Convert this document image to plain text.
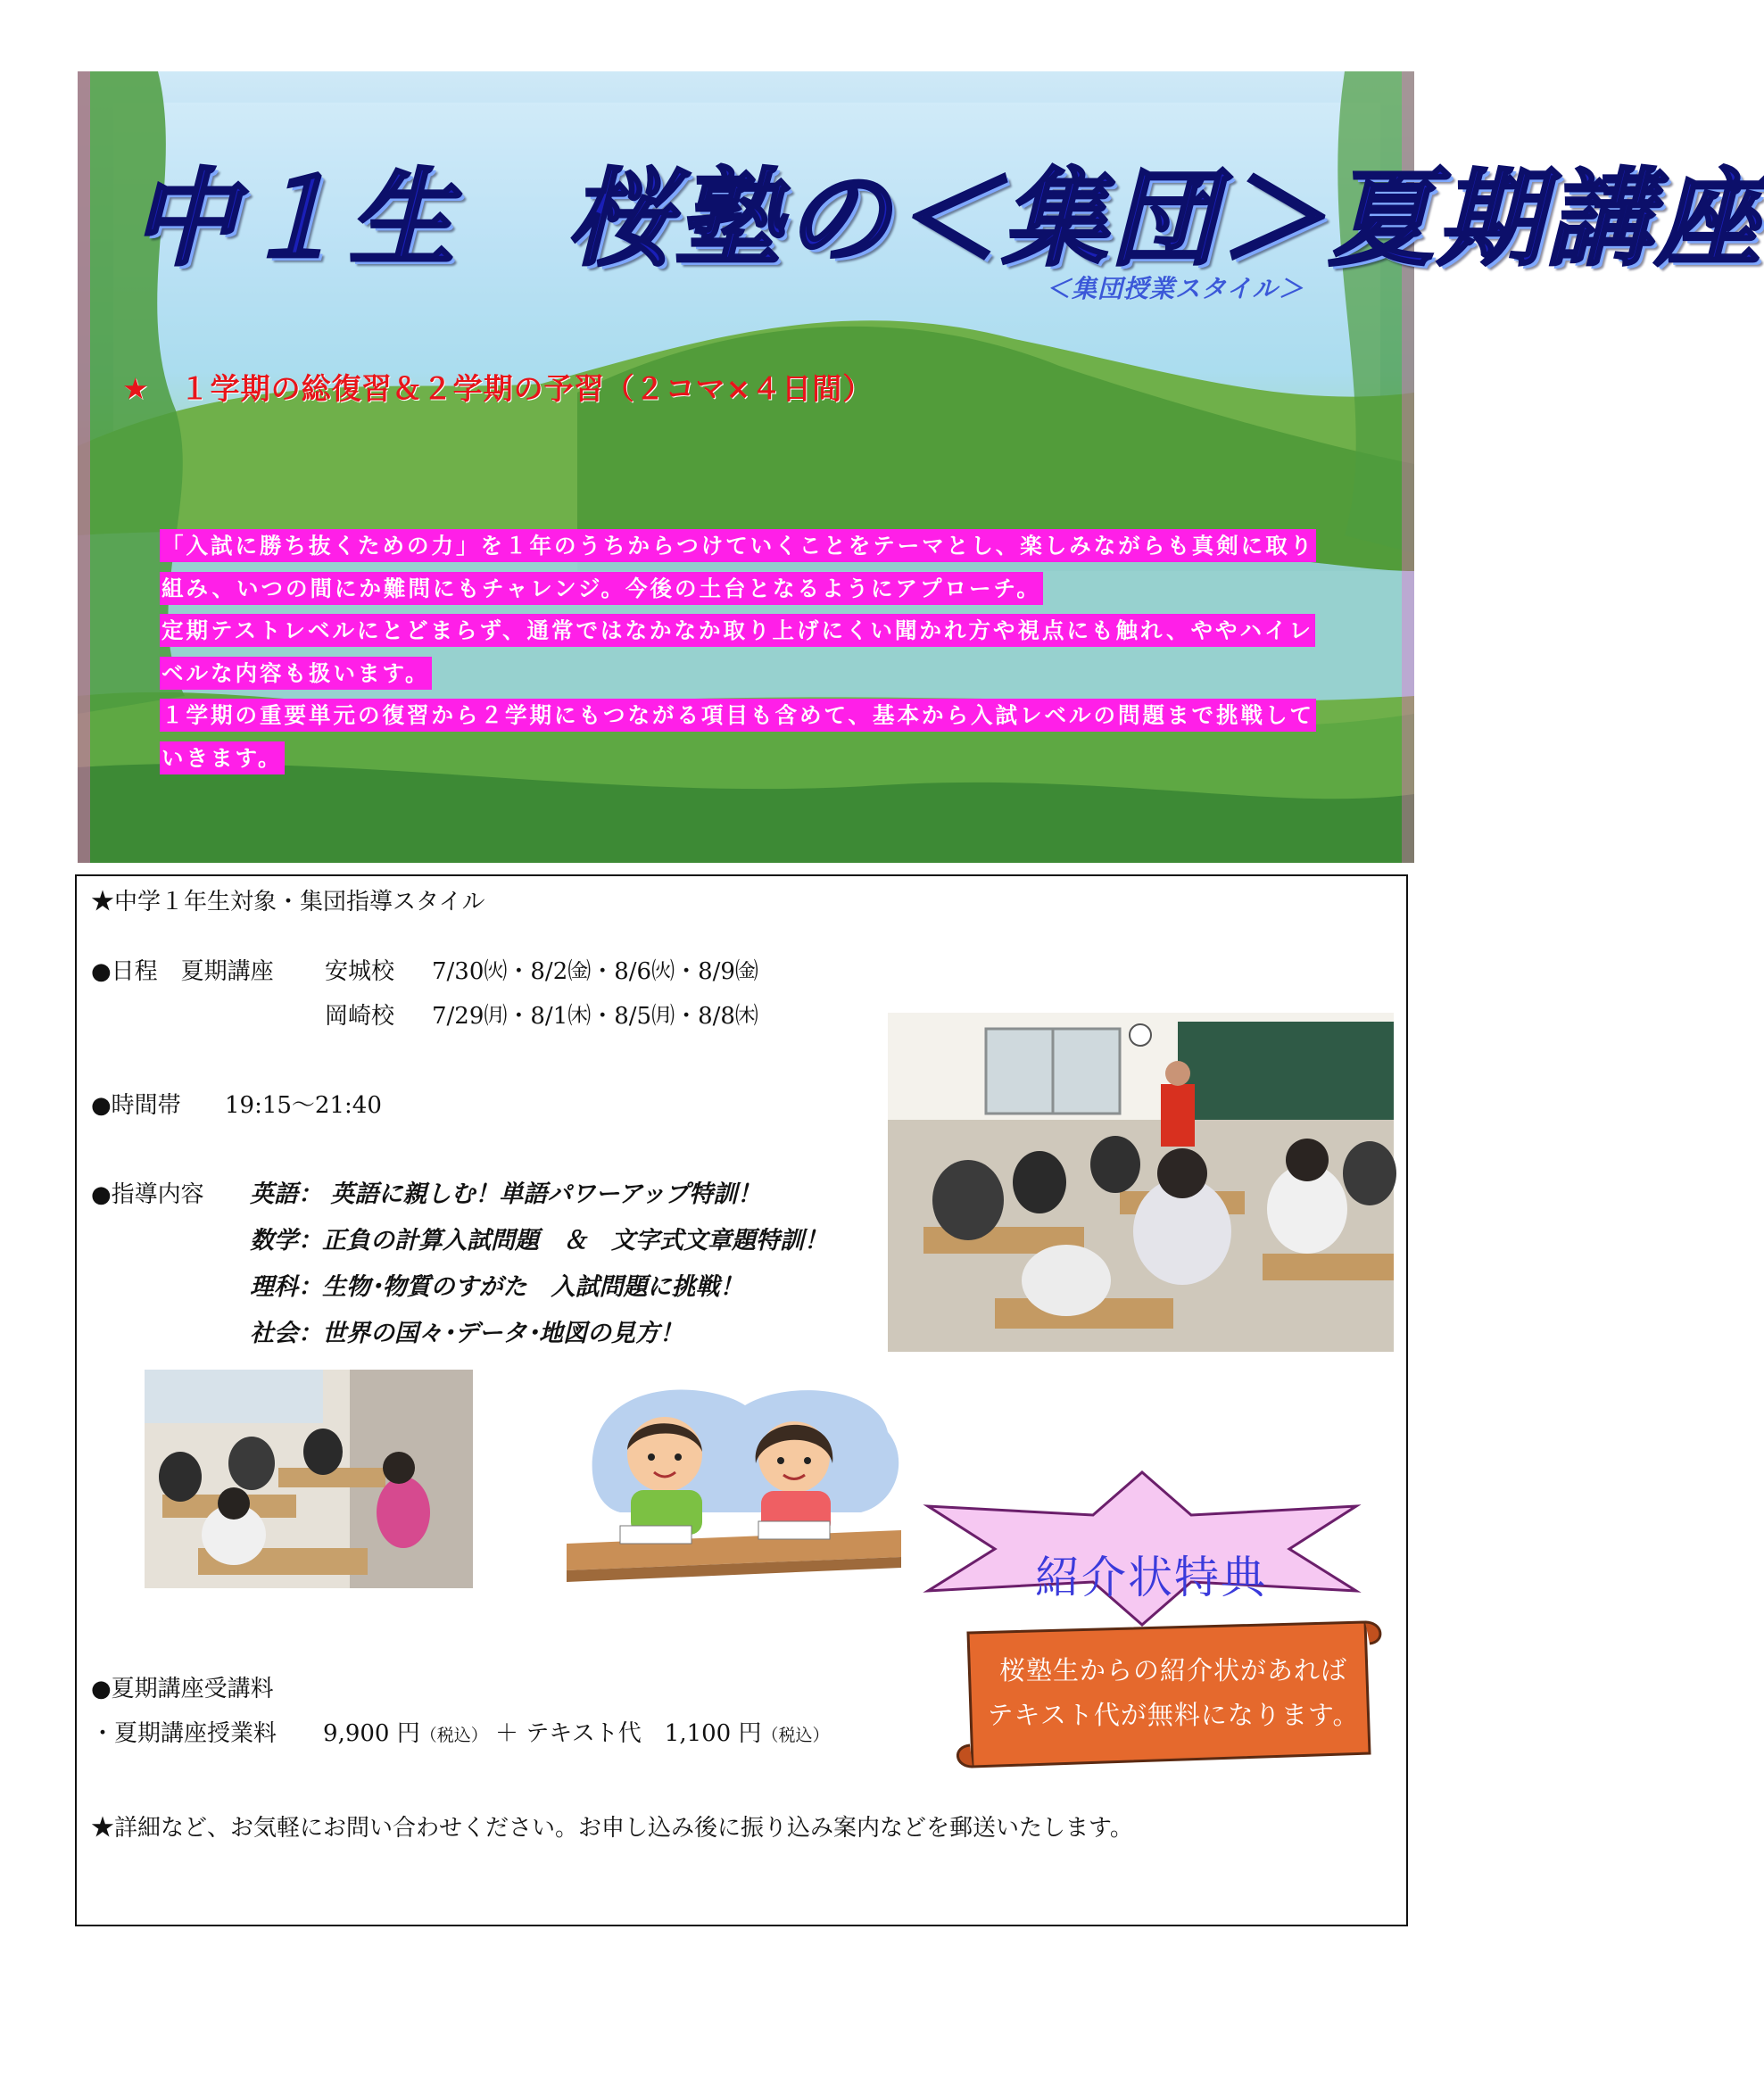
中１生　桜塾の＜集団＞夏期講座
＜集団授業スタイル＞
★　１学期の総復習＆２学期の予習（２コマ×４日間）
「入試に勝ち抜くための力」を１年のうちからつけていくことをテーマとし、楽しみながらも真剣に取り
組み、いつの間にか難問にもチャレンジ。今後の土台となるようにアプローチ。
定期テストレベルにとどまらず、通常ではなかなか取り上げにくい聞かれ方や視点にも触れ、ややハイレ
ベルな内容も扱います。
１学期の重要単元の復習から２学期にもつながる項目も含めて、基本から入試レベルの問題まで挑戦して
いきます。
★中学１年生対象・集団指導スタイル
●日程　夏期講座 安城校 7/30㈫・8/2㈮・8/6㈫・8/9㈮
岡崎校 7/29㈪・8/1㈭・8/5㈪・8/8㈭
●時間帯 19:15～21:40
●指導内容 英語： 英語に親しむ！単語パワーアップ特訓！
数学：正負の計算入試問題　＆　文字式文章題特訓！
理科：生物･物質のすがた　入試問題に挑戦！
社会：世界の国々･データ･地図の見方！
紹介状特典
桜塾生からの紹介状があれば
テキスト代が無料になります。
●夏期講座受講料
・夏期講座授業料　　 9,900 円（税込） ＋ テキスト代　 1,100 円（税込）
★詳細など、お気軽にお問い合わせください。お申し込み後に振り込み案内などを郵送いたします。
